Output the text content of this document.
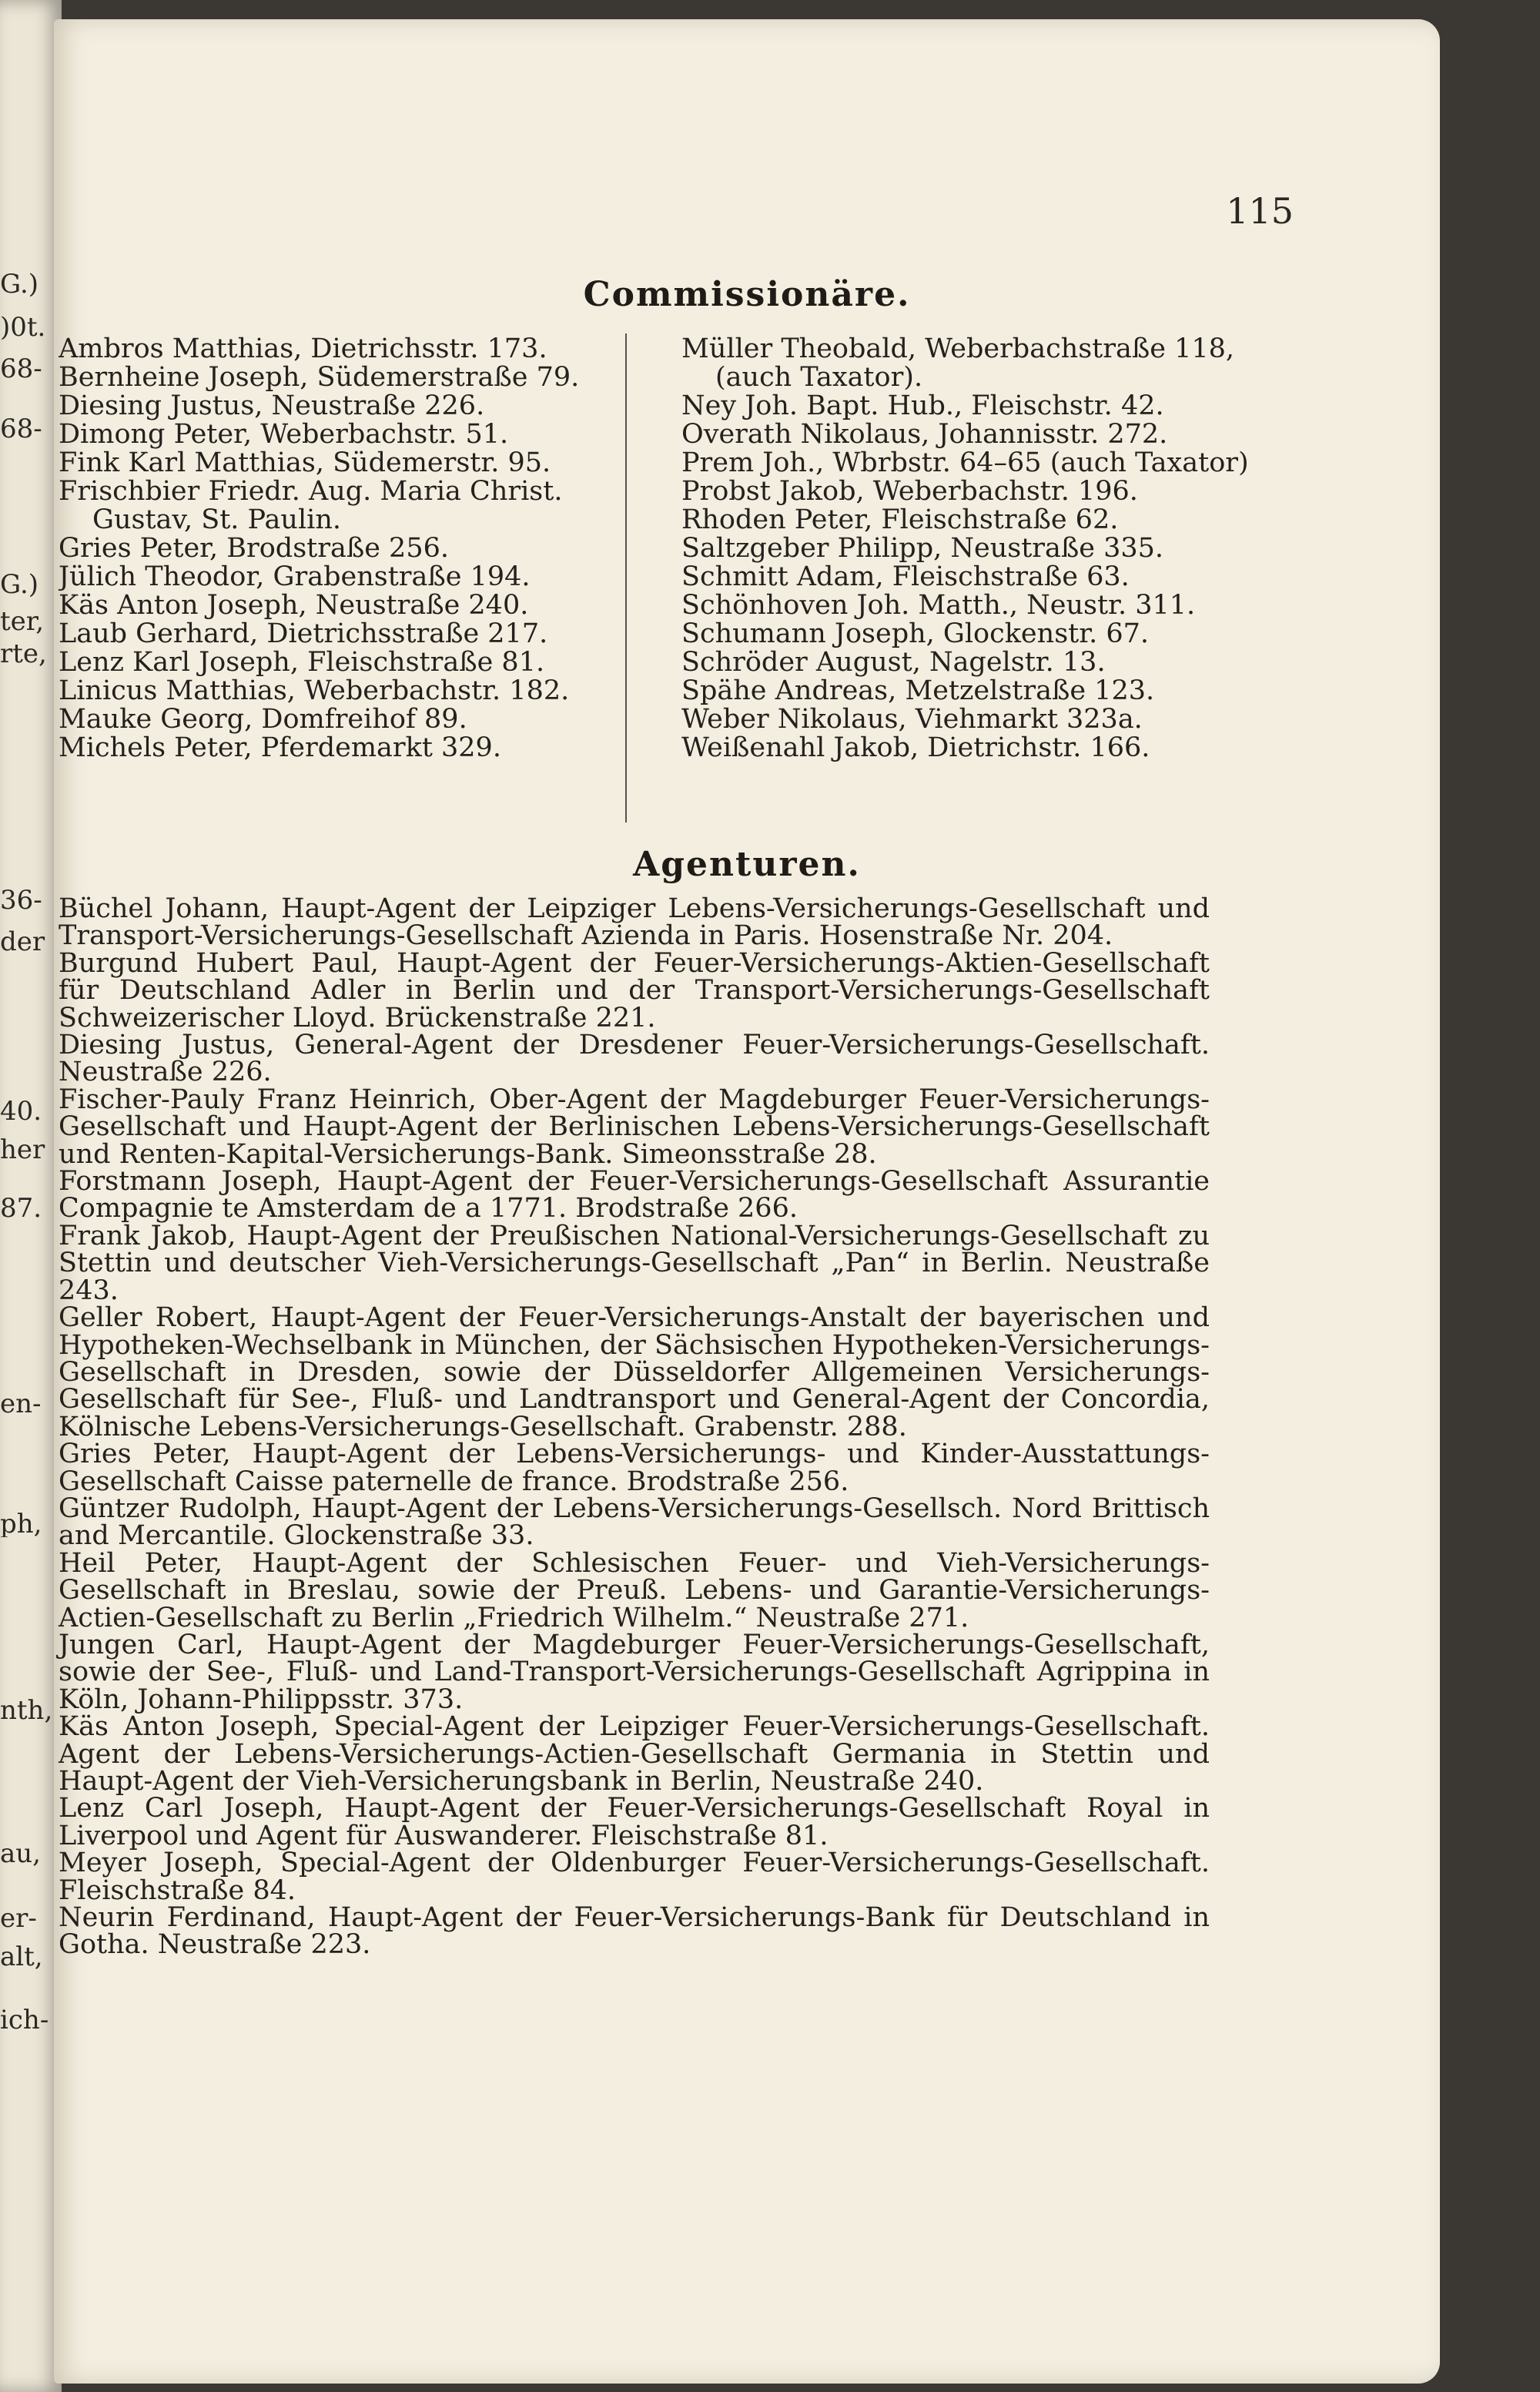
G.)
)0t.
68-
68-
G.)
ter,
rte,
36-
der
40.
her
87.
en-
ph,
nth,
au,
er-
alt,
ich-
115
Commissionäre.
Ambros Matthias, Dietrichsstr. 173.
Bernheine Joseph, Südemerstraße 79.
Diesing Justus, Neustraße 226.
Dimong Peter, Weberbachstr. 51.
Fink Karl Matthias, Südemerstr. 95.
Frischbier Friedr. Aug. Maria Christ.
Gustav, St. Paulin.
Gries Peter, Brodstraße 256.
Jülich Theodor, Grabenstraße 194.
Käs Anton Joseph, Neustraße 240.
Laub Gerhard, Dietrichsstraße 217.
Lenz Karl Joseph, Fleischstraße 81.
Linicus Matthias, Weberbachstr. 182.
Mauke Georg, Domfreihof 89.
Michels Peter, Pferdemarkt 329.
Müller Theobald, Weberbachstraße 118,
(auch Taxator).
Ney Joh. Bapt. Hub., Fleischstr. 42.
Overath Nikolaus, Johannisstr. 272.
Prem Joh., Wbrbstr. 64–65 (auch Taxator)
Probst Jakob, Weberbachstr. 196.
Rhoden Peter, Fleischstraße 62.
Saltzgeber Philipp, Neustraße 335.
Schmitt Adam, Fleischstraße 63.
Schönhoven Joh. Matth., Neustr. 311.
Schumann Joseph, Glockenstr. 67.
Schröder August, Nagelstr. 13.
Spähe Andreas, Metzelstraße 123.
Weber Nikolaus, Viehmarkt 323a.
Weißenahl Jakob, Dietrichstr. 166.
Agenturen.

Büchel Johann, Haupt-Agent der Leipziger Lebens-Versicherungs-Gesellschaft und Transport-Versicherungs-Gesellschaft Azienda in Paris. Hosenstraße Nr. 204.

Burgund Hubert Paul, Haupt-Agent der Feuer-Versicherungs-Aktien-Gesellschaft für Deutschland Adler in Berlin und der Transport-Versicherungs-Gesellschaft Schweizerischer Lloyd. Brückenstraße 221.

Diesing Justus, General-Agent der Dresdener Feuer-Versicherungs-Gesellschaft. Neustraße 226.

Fischer-Pauly Franz Heinrich, Ober-Agent der Magdeburger Feuer-Versicherungs-Gesellschaft und Haupt-Agent der Berlinischen Lebens-Versicherungs-Gesellschaft und Renten-Kapital-Versicherungs-Bank. Simeonsstraße 28.

Forstmann Joseph, Haupt-Agent der Feuer-Versicherungs-Gesellschaft Assurantie Compagnie te Amsterdam de a 1771. Brodstraße 266.

Frank Jakob, Haupt-Agent der Preußischen National-Versicherungs-Gesellschaft zu Stettin und deutscher Vieh-Versicherungs-Gesellschaft „Pan“ in Berlin. Neustraße 243.

Geller Robert, Haupt-Agent der Feuer-Versicherungs-Anstalt der bayerischen und Hypotheken-Wechselbank in München, der Sächsischen Hypotheken-Versicherungs-Gesellschaft in Dresden, sowie der Düsseldorfer Allgemeinen Versicherungs-Gesellschaft für See-, Fluß- und Landtransport und General-Agent der Concordia, Kölnische Lebens-Versicherungs-Gesellschaft. Grabenstr. 288.

Gries Peter, Haupt-Agent der Lebens-Versicherungs- und Kinder-Ausstattungs-Gesellschaft Caisse paternelle de france. Brodstraße 256.

Güntzer Rudolph, Haupt-Agent der Lebens-Versicherungs-Gesellsch. Nord Brittisch and Mercantile. Glockenstraße 33.

Heil Peter, Haupt-Agent der Schlesischen Feuer- und Vieh-Versicherungs-Gesellschaft in Breslau, sowie der Preuß. Lebens- und Garantie-Versicherungs-Actien-Gesellschaft zu Berlin „Friedrich Wilhelm.“ Neustraße 271.

Jungen Carl, Haupt-Agent der Magdeburger Feuer-Versicherungs-Gesellschaft, sowie der See-, Fluß- und Land-Transport-Versicherungs-Gesellschaft Agrippina in Köln, Johann-Philippsstr. 373.

Käs Anton Joseph, Special-Agent der Leipziger Feuer-Versicherungs-Gesellschaft. Agent der Lebens-Versicherungs-Actien-Gesellschaft Germania in Stettin und Haupt-Agent der Vieh-Versicherungsbank in Berlin, Neustraße 240.

Lenz Carl Joseph, Haupt-Agent der Feuer-Versicherungs-Gesellschaft Royal in Liverpool und Agent für Auswanderer. Fleischstraße 81.

Meyer Joseph, Special-Agent der Oldenburger Feuer-Versicherungs-Gesellschaft. Fleischstraße 84.

Neurin Ferdinand, Haupt-Agent der Feuer-Versicherungs-Bank für Deutschland in Gotha. Neustraße 223.
